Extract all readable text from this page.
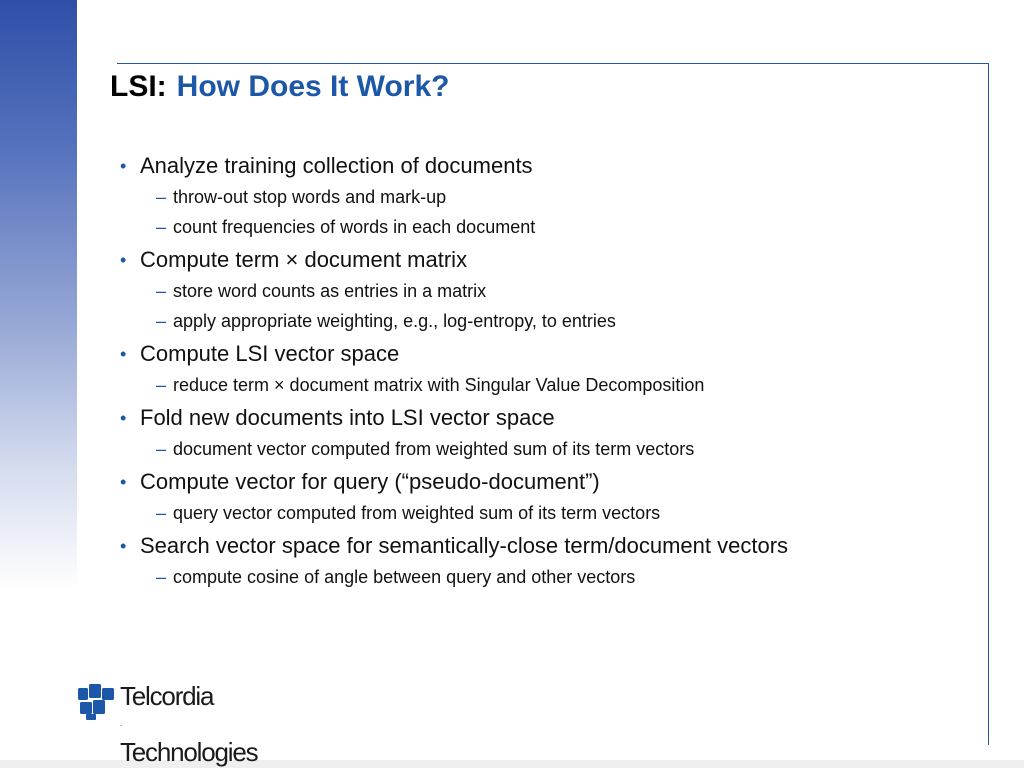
LSI: How Does It Work?
• Analyze training collection of documents
– throw-out stop words and mark-up
– count frequencies of words in each document
• Compute term × document matrix
– store word counts as entries in a matrix
– apply appropriate weighting, e.g., log-entropy, to entries
• Compute LSI vector space
– reduce term × document matrix with Singular Value Decomposition
• Fold new documents into LSI vector space
– document vector computed from weighted sum of its term vectors
• Compute vector for query (“pseudo-document”)
– query vector computed from weighted sum of its term vectors
• Search vector space for semantically-close term/document vectors
– compute cosine of angle between query and other vectors
Telcordia
.
Technologies
